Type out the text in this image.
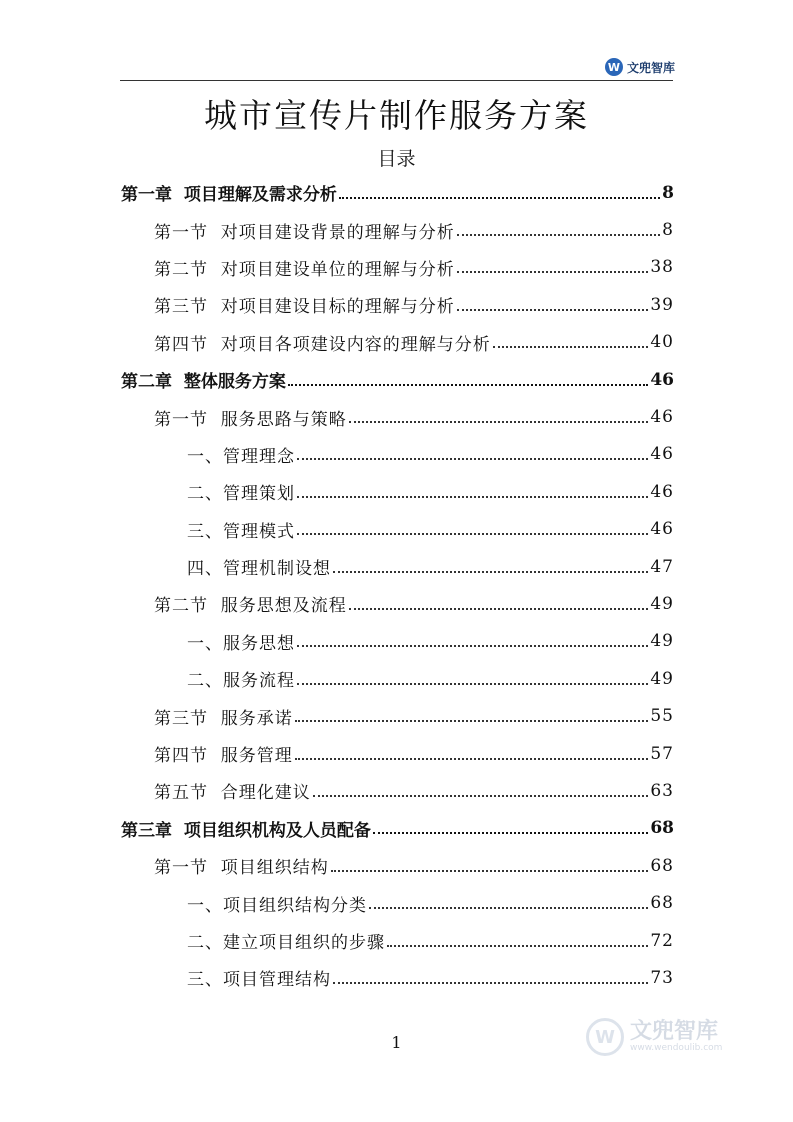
W 文兜智库
城市宣传片制作服务方案
目录
第一章  项目理解及需求分析	8
第一节  对项目建设背景的理解与分析	8
第二节  对项目建设单位的理解与分析	38
第三节  对项目建设目标的理解与分析	39
第四节  对项目各项建设内容的理解与分析	40
第二章  整体服务方案	46
第一节  服务思路与策略	46
一、管理理念	46
二、管理策划	46
三、管理模式	46
四、管理机制设想	47
第二节  服务思想及流程	49
一、服务思想	49
二、服务流程	49
第三节  服务承诺	55
第四节  服务管理	57
第五节  合理化建议	63
第三章  项目组织机构及人员配备	68
第一节  项目组织结构	68
一、项目组织结构分类	68
二、建立项目组织的步骤	72
三、项目管理结构	73
1	W 文兜智库
www.wendoulib.com
